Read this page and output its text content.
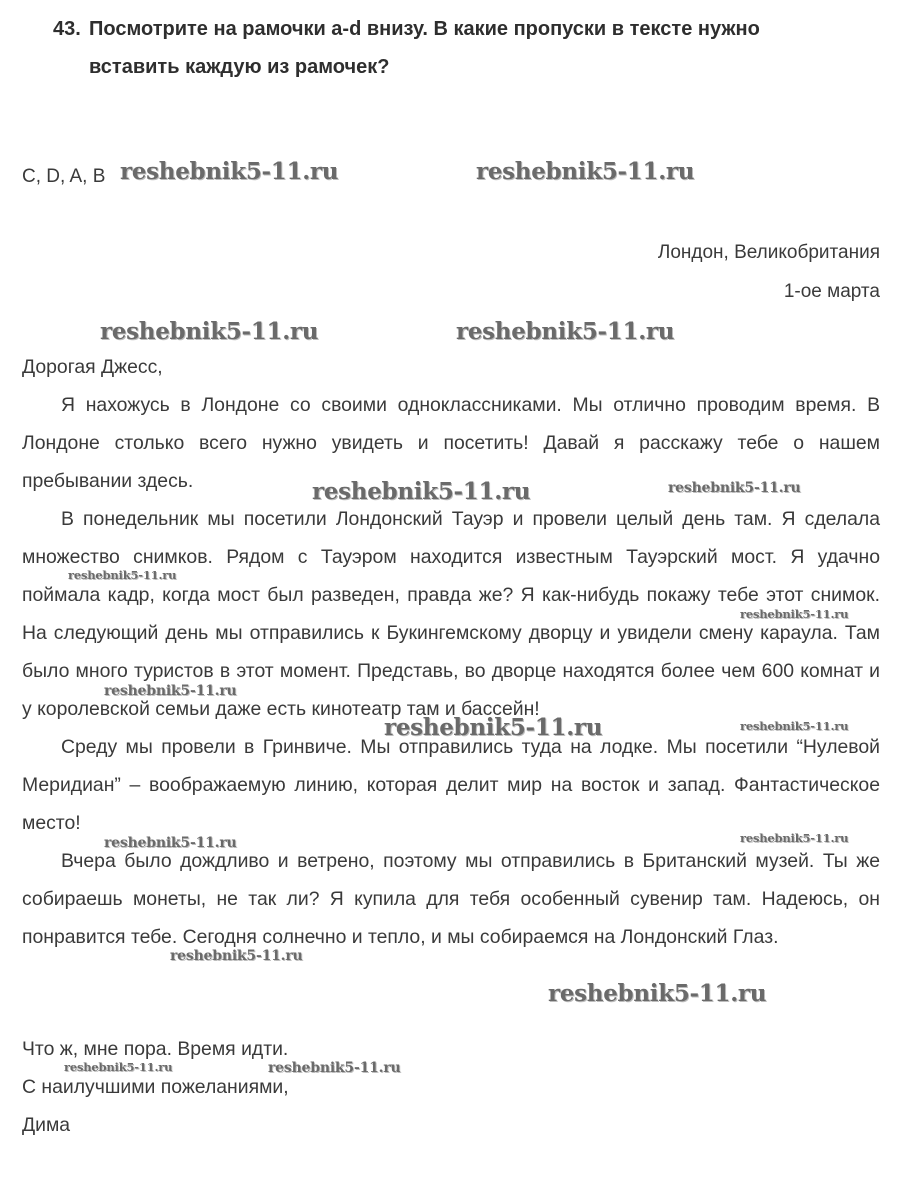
43. Посмотрите на рамочки a-d внизу. В какие пропуски в тексте нужно вставить каждую из рамочек?
C, D, A, B
Лондон, Великобритания
1-ое марта

Дорогая Джесс,

Я нахожусь в Лондоне со своими одноклассниками. Мы отлично проводим время. В Лондоне столько всего нужно увидеть и посетить! Давай я расскажу тебе о нашем пребывании здесь.

В понедельник мы посетили Лондонский Тауэр и провели целый день там. Я сделала множество снимков. Рядом с Тауэром находится известным Тауэрский мост. Я удачно поймала кадр, когда мост был разведен, правда же? Я как-нибудь покажу тебе этот снимок. На следующий день мы отправились к Букингемскому дворцу и увидели смену караула. Там было много туристов в этот момент. Представь, во дворце находятся более чем 600 комнат и у королевской семьи даже есть кинотеатр там и бассейн!

Среду мы провели в Гринвиче. Мы отправились туда на лодке. Мы посетили “Нулевой Меридиан” – воображаемую линию, которая делит мир на восток и запад. Фантастическое место!

Вчера было дождливо и ветрено, поэтому мы отправились в Британский музей. Ты же собираешь монеты, не так ли? Я купила для тебя особенный сувенир там. Надеюсь, он понравится тебе. Сегодня солнечно и тепло, и мы собираемся на Лондонский Глаз.

Что ж, мне пора. Время идти.

С наилучшими пожеланиями,

Дима

reshebnik5-11.ru	reshebnik5-11.ru
reshebnik5-11.ru	reshebnik5-11.ru
reshebnik5-11.ru	reshebnik5-11.ru
reshebnik5-11.ru
reshebnik5-11.ru
reshebnik5-11.ru
reshebnik5-11.ru	reshebnik5-11.ru
reshebnik5-11.ru	reshebnik5-11.ru
reshebnik5-11.ru
reshebnik5-11.ru
reshebnik5-11.ru	reshebnik5-11.ru
